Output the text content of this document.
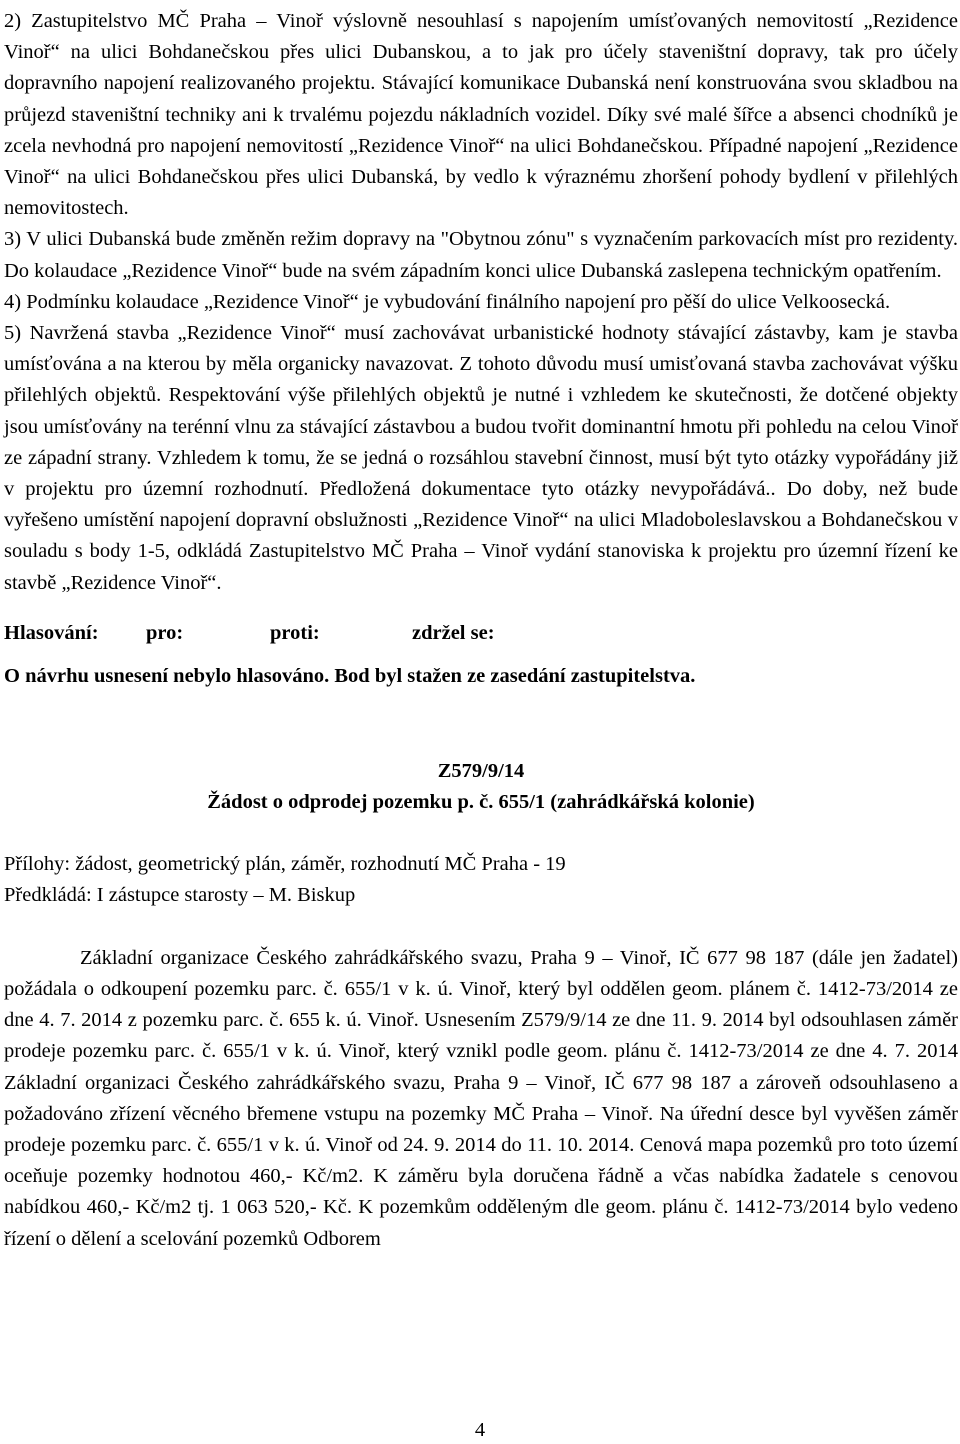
2) Zastupitelstvo MČ Praha – Vinoř výslovně nesouhlasí s napojením umísťovaných nemovitostí „Rezidence Vinoř“ na ulici Bohdanečskou přes ulici Dubanskou, a to jak pro účely staveništní dopravy, tak pro účely dopravního napojení realizovaného projektu. Stávající komunikace Dubanská není konstruována svou skladbou na průjezd staveništní techniky ani k trvalému pojezdu nákladních vozidel. Díky své malé šířce a absenci chodníků je zcela nevhodná pro napojení nemovitostí „Rezidence Vinoř“ na ulici Bohdanečskou. Případné napojení „Rezidence Vinoř“ na ulici Bohdanečskou přes ulici Dubanská, by vedlo k výraznému zhoršení pohody bydlení v přilehlých nemovitostech.

3) V ulici Dubanská bude změněn režim dopravy na "Obytnou zónu" s vyznačením parkovacích míst pro rezidenty. Do kolaudace „Rezidence Vinoř“ bude na svém západním konci ulice Dubanská zaslepena technickým opatřením.

4) Podmínku kolaudace „Rezidence Vinoř“ je vybudování finálního napojení pro pěší do ulice Velkoosecká.

5) Navržená stavba „Rezidence Vinoř“ musí zachovávat urbanistické hodnoty stávající zástavby, kam je stavba umísťována a na kterou by měla organicky navazovat. Z tohoto důvodu musí umisťovaná stavba zachovávat výšku přilehlých objektů. Respektování výše přilehlých objektů je nutné i vzhledem ke skutečnosti, že dotčené objekty jsou umísťovány na terénní vlnu za stávající zástavbou a budou tvořit dominantní hmotu při pohledu na celou Vinoř ze západní strany. Vzhledem k tomu, že se jedná o rozsáhlou stavební činnost, musí být tyto otázky vypořádány již v projektu pro územní rozhodnutí. Předložená dokumentace tyto otázky nevypořádává.. Do doby, než bude vyřešeno umístění napojení dopravní obslužnosti „Rezidence Vinoř“ na ulici Mladoboleslavskou a Bohdanečskou v souladu s body 1-5, odkládá Zastupitelstvo MČ Praha – Vinoř vydání stanoviska k projektu pro územní řízení ke stavbě „Rezidence Vinoř“.

Hlasování: pro:	proti:	zdržel se:

O návrhu usnesení nebylo hlasováno. Bod byl stažen ze zasedání zastupitelstva.

Z579/9/14

Žádost o odprodej pozemku p. č. 655/1 (zahrádkářská kolonie)

Přílohy: žádost, geometrický plán, záměr, rozhodnutí MČ Praha - 19

Předkládá: I zástupce starosty – M. Biskup

Základní organizace Českého zahrádkářského svazu, Praha 9 – Vinoř, IČ 677 98 187 (dále jen žadatel) požádala o odkoupení pozemku parc. č. 655/1 v k. ú. Vinoř, který byl oddělen geom. plánem č. 1412-73/2014 ze dne 4. 7. 2014 z pozemku parc. č. 655 k. ú. Vinoř. Usnesením Z579/9/14 ze dne 11. 9. 2014 byl odsouhlasen záměr prodeje pozemku parc. č. 655/1 v k. ú. Vinoř, který vznikl podle geom. plánu č. 1412-73/2014 ze dne 4. 7. 2014 Základní organizaci Českého zahrádkářského svazu, Praha 9 – Vinoř, IČ 677 98 187 a zároveň odsouhlaseno a požadováno zřízení věcného břemene vstupu na pozemky MČ Praha – Vinoř. Na úřední desce byl vyvěšen záměr prodeje pozemku parc. č. 655/1 v k. ú. Vinoř od 24. 9. 2014 do 11. 10. 2014. Cenová mapa pozemků pro toto území oceňuje pozemky hodnotou 460,- Kč/m2. K záměru byla doručena řádně a včas nabídka žadatele s cenovou nabídkou 460,- Kč/m2 tj. 1 063 520,- Kč. K pozemkům odděleným dle geom. plánu č. 1412-73/2014 bylo vedeno řízení o dělení a scelování pozemků Odborem

4
